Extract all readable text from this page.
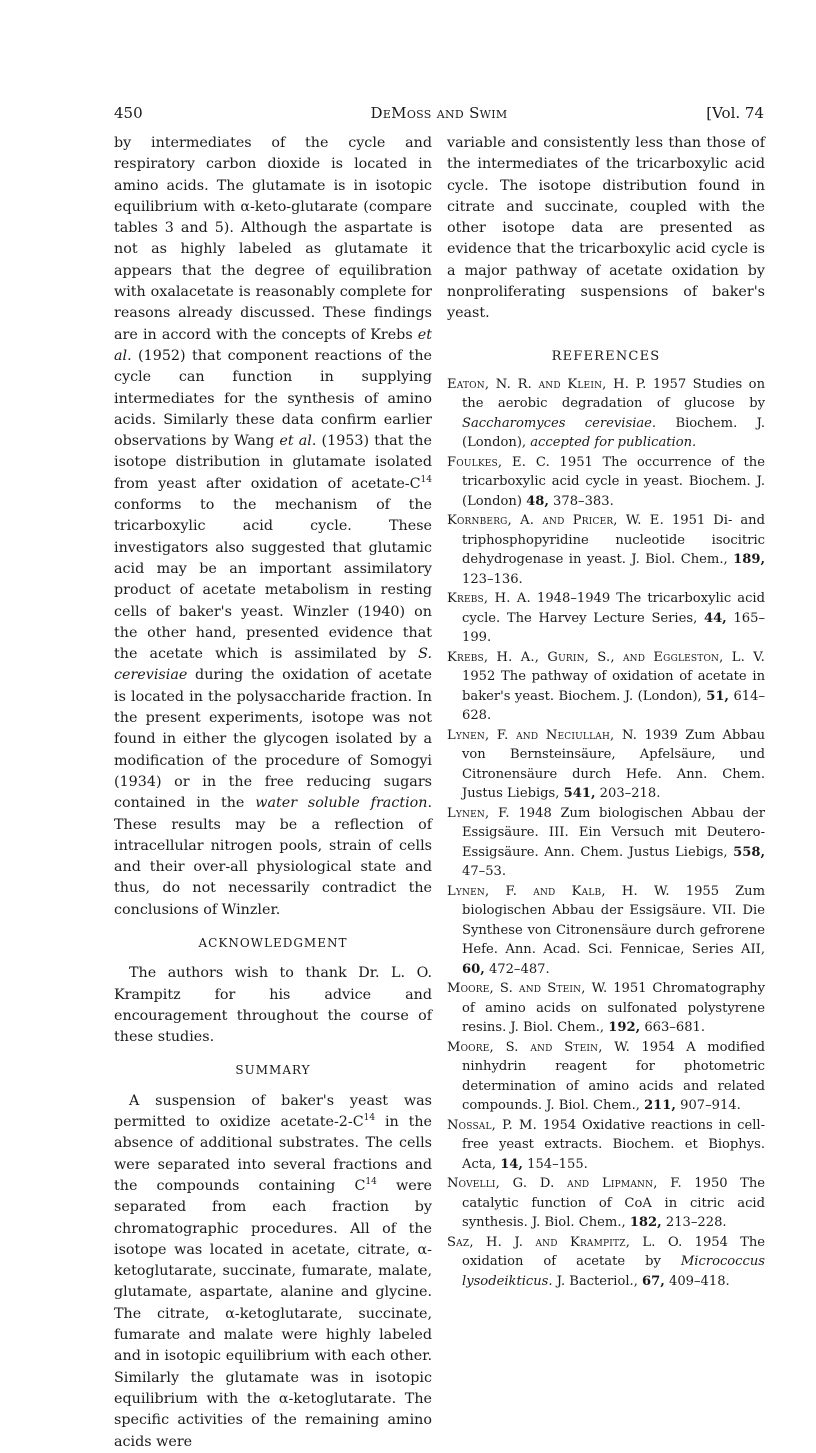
450	DeMoss and Swim	[Vol. 74

by intermediates of the cycle and respiratory carbon dioxide is located in amino acids. The glutamate is in isotopic equilibrium with α-keto-glutarate (compare tables 3 and 5). Although the aspartate is not as highly labeled as glutamate it appears that the degree of equilibration with oxalacetate is reasonably complete for reasons already discussed. These findings are in accord with the concepts of Krebs et al. (1952) that component reactions of the cycle can function in supplying intermediates for the synthesis of amino acids. Similarly these data confirm earlier observations by Wang et al. (1953) that the isotope distribution in glutamate isolated from yeast after oxidation of acetate-$C^{14}$ conforms to the mechanism of the tricarboxylic acid cycle. These investigators also suggested that glutamic acid may be an important assimilatory product of acetate metabolism in resting cells of baker's yeast. Winzler (1940) on the other hand, presented evidence that the acetate which is assimilated by S. cerevisiae during the oxidation of acetate is located in the polysaccharide fraction. In the present experiments, isotope was not found in either the glycogen isolated by a modification of the procedure of Somogyi (1934) or in the free reducing sugars contained in the water soluble fraction. These results may be a reflection of intracellular nitrogen pools, strain of cells and their over-all physiological state and thus, do not necessarily contradict the conclusions of Winzler.

ACKNOWLEDGMENT

The authors wish to thank Dr. L. O. Krampitz for his advice and encouragement throughout the course of these studies.

SUMMARY

A suspension of baker's yeast was permitted to oxidize acetate-$2-C^{14}$ in the absence of additional substrates. The cells were separated into several fractions and the compounds containing $C^{14}$ were separated from each fraction by chromatographic procedures. All of the isotope was located in acetate, citrate, α-ketoglutarate, succinate, fumarate, malate, glutamate, aspartate, alanine and glycine. The citrate, α-ketoglutarate, succinate, fumarate and malate were highly labeled and in isotopic equilibrium with each other. Similarly the glutamate was in isotopic equilibrium with the α-ketoglutarate. The specific activities of the remaining amino acids were

variable and consistently less than those of the intermediates of the tricarboxylic acid cycle. The isotope distribution found in citrate and succinate, coupled with the other isotope data are presented as evidence that the tricarboxylic acid cycle is a major pathway of acetate oxidation by nonproliferating suspensions of baker's yeast.

REFERENCES

Eaton, N. R. and Klein, H. P. 1957 Studies on the aerobic degradation of glucose by Saccharomyces cerevisiae. Biochem. J. (London), accepted for publication.

Foulkes, E. C. 1951 The occurrence of the tricarboxylic acid cycle in yeast. Biochem. J. (London) 48, 378–383.

Kornberg, A. and Pricer, W. E. 1951 Di- and triphosphopyridine nucleotide isocitric dehydrogenase in yeast. J. Biol. Chem., 189, 123–136.

Krebs, H. A. 1948–1949 The tricarboxylic acid cycle. The Harvey Lecture Series, 44, 165–199.

Krebs, H. A., Gurin, S., and Eggleston, L. V. 1952 The pathway of oxidation of acetate in baker's yeast. Biochem. J. (London), 51, 614–628.

Lynen, F. and Neciullah, N. 1939 Zum Abbau von Bernsteinsäure, Apfelsäure, und Citronensäure durch Hefe. Ann. Chem. Justus Liebigs, 541, 203–218.

Lynen, F. 1948 Zum biologischen Abbau der Essigsäure. III. Ein Versuch mit Deutero-Essigsäure. Ann. Chem. Justus Liebigs, 558, 47–53.

Lynen, F. and Kalb, H. W. 1955 Zum biologischen Abbau der Essigsäure. VII. Die Synthese von Citronensäure durch gefrorene Hefe. Ann. Acad. Sci. Fennicae, Series AII, 60, 472–487.

Moore, S. and Stein, W. 1951 Chromatography of amino acids on sulfonated polystyrene resins. J. Biol. Chem., 192, 663–681.

Moore, S. and Stein, W. 1954 A modified ninhydrin reagent for photometric determination of amino acids and related compounds. J. Biol. Chem., 211, 907–914.

Nossal, P. M. 1954 Oxidative reactions in cell-free yeast extracts. Biochem. et Biophys. Acta, 14, 154–155.

Novelli, G. D. and Lipmann, F. 1950 The catalytic function of CoA in citric acid synthesis. J. Biol. Chem., 182, 213–228.

Saz, H. J. and Krampitz, L. O. 1954 The oxidation of acetate by Micrococcus lysodeikticus. J. Bacteriol., 67, 409–418.
